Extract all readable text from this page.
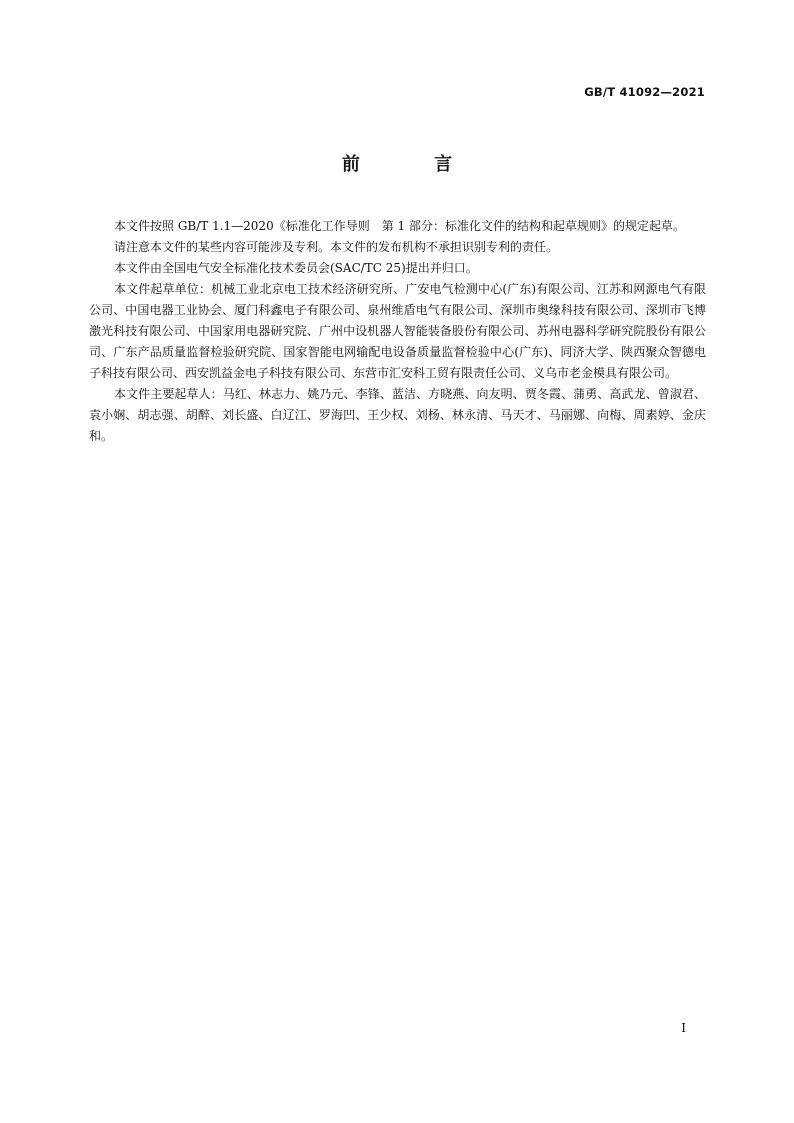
GB/T 41092—2021
前 言

本文件按照 GB/T 1.1—2020《标准化工作导则　第 1 部分：标准化文件的结构和起草规则》的规定起草。

请注意本文件的某些内容可能涉及专利。本文件的发布机构不承担识别专利的责任。

本文件由全国电气安全标准化技术委员会(SAC/TC 25)提出并归口。

本文件起草单位：机械工业北京电工技术经济研究所、广安电气检测中心(广东)有限公司、江苏和网源电气有限公司、中国电器工业协会、厦门科鑫电子有限公司、泉州维盾电气有限公司、深圳市奥缘科技有限公司、深圳市飞博激光科技有限公司、中国家用电器研究院、广州中设机器人智能装备股份有限公司、苏州电器科学研究院股份有限公司、广东产品质量监督检验研究院、国家智能电网输配电设备质量监督检验中心(广东)、同济大学、陕西聚众智德电子科技有限公司、西安凯益金电子科技有限公司、东营市汇安科工贸有限责任公司、义乌市老金模具有限公司。

本文件主要起草人：马红、林志力、姚乃元、李锋、蓝洁、方晓燕、向友明、贾冬霞、蒲勇、高武龙、曾淑君、袁小娴、胡志强、胡醉、刘长盛、白辽江、罗海凹、王少权、刘杨、林永清、马天才、马丽娜、向梅、周素婷、金庆和。

I
